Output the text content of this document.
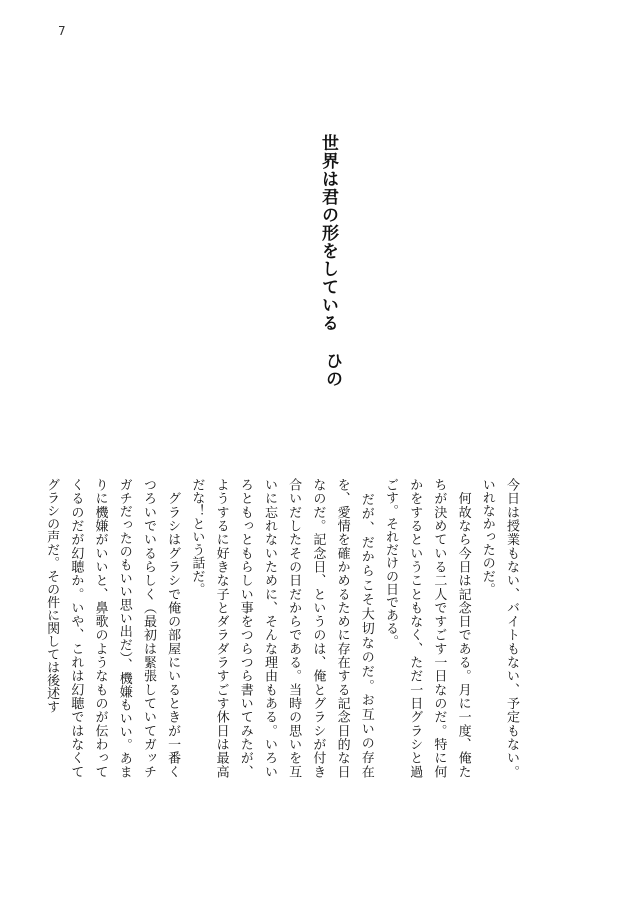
7
世界は君の形をしている
ひの

今日は授業もない、バイトもない、予定もない。いれなかったのだ。

　何故なら今日は記念日である。月に一度、俺たちが決めている二人ですごす一日なのだ。特に何かをするということもなく、ただ一日グラシと過ごす。それだけの日である。

　だが、だからこそ大切なのだ。お互いの存在を、愛情を確かめるために存在する記念日的な日なのだ。記念日、というのは、俺とグラシが付き合いだしたその日だからである。当時の思いを互いに忘れないために、そんな理由もある。いろいろともっともらしい事をつらつら書いてみたが、ようするに好きな子とダラダラすごす休日は最高だな！という話だ。

　グラシはグラシで俺の部屋にいるときが一番くつろいでいるらしく（最初は緊張していてガッチガチだったのもいい思い出だ）、機嫌もいい。あまりに機嫌がいいと、鼻歌のようなものが伝わってくるのだが幻聴か。いや、これは幻聴ではなくてグラシの声だ。その件に関しては後述す
